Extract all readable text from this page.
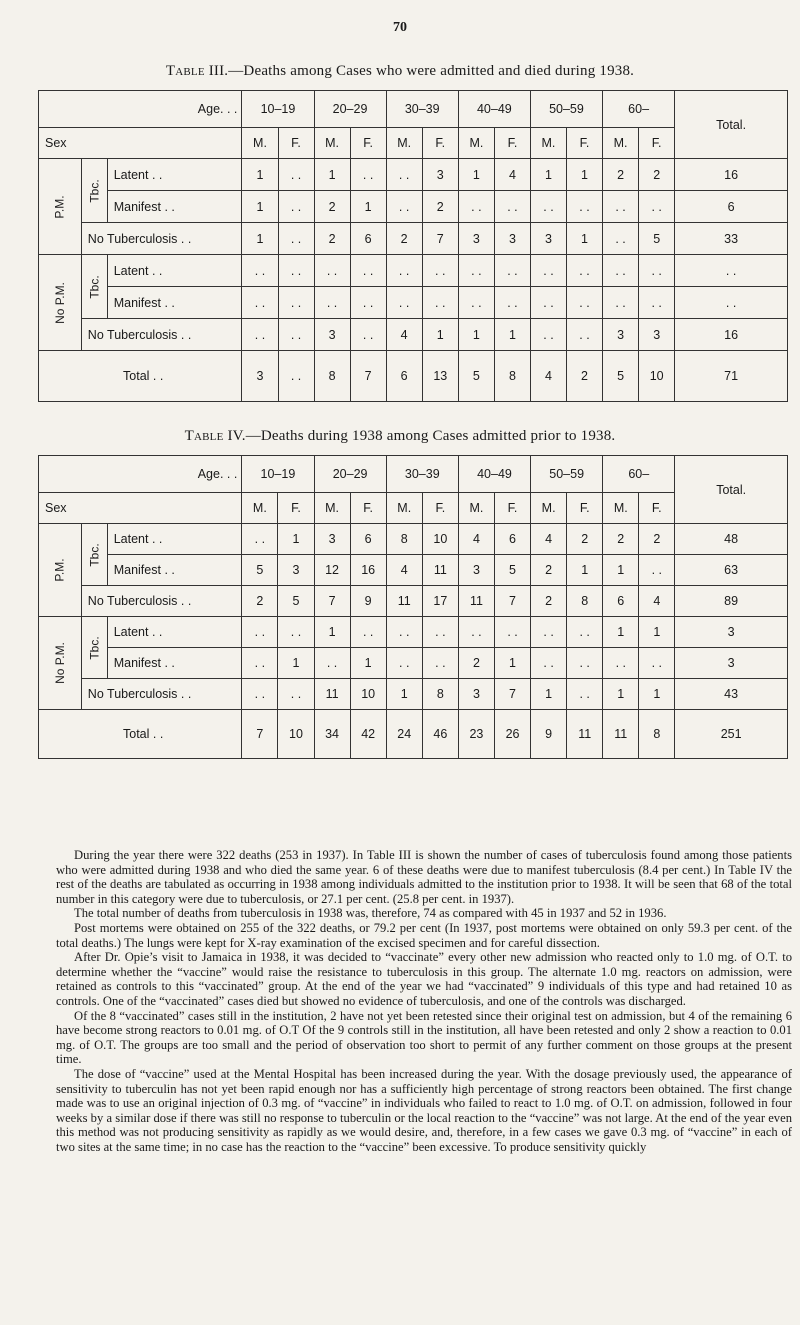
70
Table III.—Deaths among Cases who were admitted and died during 1938.
Age. . .			10–19		20–29		30–39		40–49		50–59		60–		Total.
Sex			M.	F.	M.	F.	M.	F.	M.	F.	M.	F.	M.	F.	
P.M.	Tbc.	Latent . .	1	. .	1	. .	. .	3	1	4	1	1	2	2	16
		Manifest . .	1	. .	2	1	. .	2	. .	. .	. .	. .	. .	. .	6
	No Tuberculosis . .		1	. .	2	6	2	7	3	3	3	1	. .	5	33
No P.M.	Tbc.	Latent . .	. .	. .	. .	. .	. .	. .	. .	. .	. .	. .	. .	. .	. .
		Manifest . .	. .	. .	. .	. .	. .	. .	. .	. .	. .	. .	. .	. .	. .
	No Tuberculosis . .		. .	. .	3	. .	4	1	1	1	. .	. .	3	3	16
Total . .			3	. .	8	7	6	13	5	8	4	2	5	10	71
Table IV.—Deaths during 1938 among Cases admitted prior to 1938.
Age. . .			10–19		20–29		30–39		40–49		50–59		60–		Total.
Sex			M.	F.	M.	F.	M.	F.	M.	F.	M.	F.	M.	F.	
P.M.	Tbc.	Latent . .	. .	1	3	6	8	10	4	6	4	2	2	2	48
		Manifest . .	5	3	12	16	4	11	3	5	2	1	1	. .	63
	No Tuberculosis . .		2	5	7	9	11	17	11	7	2	8	6	4	89
No P.M.	Tbc.	Latent . .	. .	. .	1	. .	. .	. .	. .	. .	. .	. .	1	1	3
		Manifest . .	. .	1	. .	1	. .	. .	2	1	. .	. .	. .	. .	3
	No Tuberculosis . .		. .	. .	11	10	1	8	3	7	1	. .	1	1	43
Total . .			7	10	34	42	24	46	23	26	9	11	11	8	251

During the year there were 322 deaths (253 in 1937). In Table III is shown the number of cases of tuberculosis found among those patients who were admitted during 1938 and who died the same year. 6 of these deaths were due to manifest tuberculosis (8.4 per cent.) In Table IV the rest of the deaths are tabulated as occurring in 1938 among individuals admitted to the institution prior to 1938. It will be seen that 68 of the total number in this category were due to tuberculosis, or 27.1 per cent. (25.8 per cent. in 1937).

The total number of deaths from tuberculosis in 1938 was, therefore, 74 as compared with 45 in 1937 and 52 in 1936.

Post mortems were obtained on 255 of the 322 deaths, or 79.2 per cent (In 1937, post mortems were obtained on only 59.3 per cent. of the total deaths.) The lungs were kept for X-ray examination of the excised specimen and for careful dissection.

After Dr. Opie’s visit to Jamaica in 1938, it was decided to “vaccinate” every other new admission who reacted only to 1.0 mg. of O.T. to determine whether the “vaccine” would raise the resistance to tuberculosis in this group. The alternate 1.0 mg. reactors on admission, were retained as controls to this “vaccinated” group. At the end of the year we had “vaccinated” 9 individuals of this type and had retained 10 as controls. One of the “vaccinated” cases died but showed no evidence of tuberculosis, and one of the controls was discharged.

Of the 8 “vaccinated” cases still in the institution, 2 have not yet been retested since their original test on admission, but 4 of the remaining 6 have become strong reactors to 0.01 mg. of O.T Of the 9 controls still in the institution, all have been retested and only 2 show a reaction to 0.01 mg. of O.T. The groups are too small and the period of observation too short to permit of any further comment on those groups at the present time.

The dose of “vaccine” used at the Mental Hospital has been increased during the year. With the dosage previously used, the appearance of sensitivity to tuberculin has not yet been rapid enough nor has a sufficiently high percentage of strong reactors been obtained. The first change made was to use an original injection of 0.3 mg. of “vaccine” in individuals who failed to react to 1.0 mg. of O.T. on admission, followed in four weeks by a similar dose if there was still no response to tuberculin or the local reaction to the “vaccine” was not large. At the end of the year even this method was not producing sensitivity as rapidly as we would desire, and, therefore, in a few cases we gave 0.3 mg. of “vaccine” in each of two sites at the same time; in no case has the reaction to the “vaccine” been excessive. To produce sensitivity quickly
